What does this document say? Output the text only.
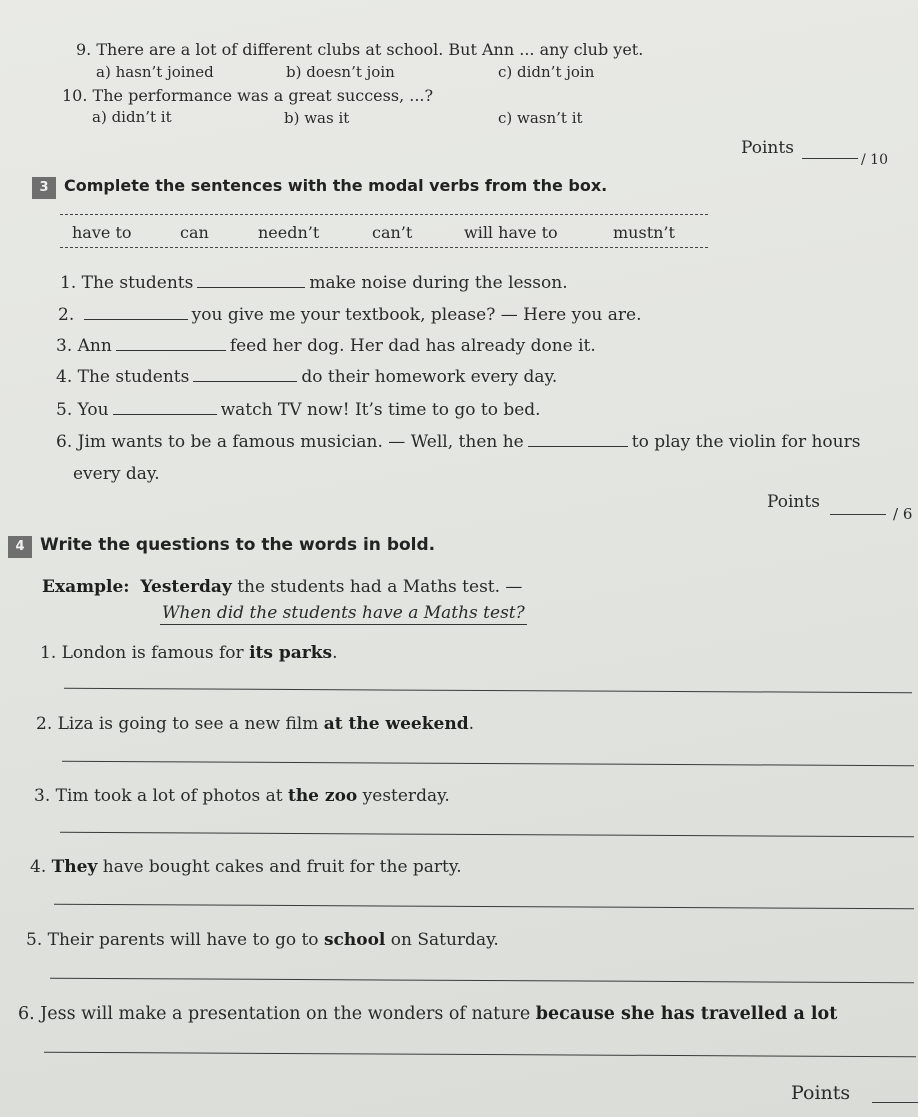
9. There are a lot of different clubs at school. But Ann ... any club yet.
a) hasn’t joined	b) doesn’t join	c) didn’t join
10. The performance was a great success, ...?
a) didn’t it	b) was it	c) wasn’t it
Points
/ 10
3 Complete the sentences with the modal verbs from the box.
have to	can	needn’t	can’t	will have to	mustn’t
1. The students	make noise during the lesson.
2.	you give me your textbook, please? — Here you are.
3. Ann	feed her dog. Her dad has already done it.
4. The students	do their homework every day.
5. You	watch TV now! It’s time to go to bed.
6. Jim wants to be a famous musician. — Well, then he	to play the violin for hours
every day.
Points
/ 6
4 Write the questions to the words in bold.
Example: Yesterday the students had a Maths test. —
When did the students have a Maths test?
1. London is famous for its parks.
2. Liza is going to see a new film at the weekend.
3. Tim took a lot of photos at the zoo yesterday.
4. They have bought cakes and fruit for the party.
5. Their parents will have to go to school on Saturday.
6. Jess will make a presentation on the wonders of nature because she has travelled a lot
Points
